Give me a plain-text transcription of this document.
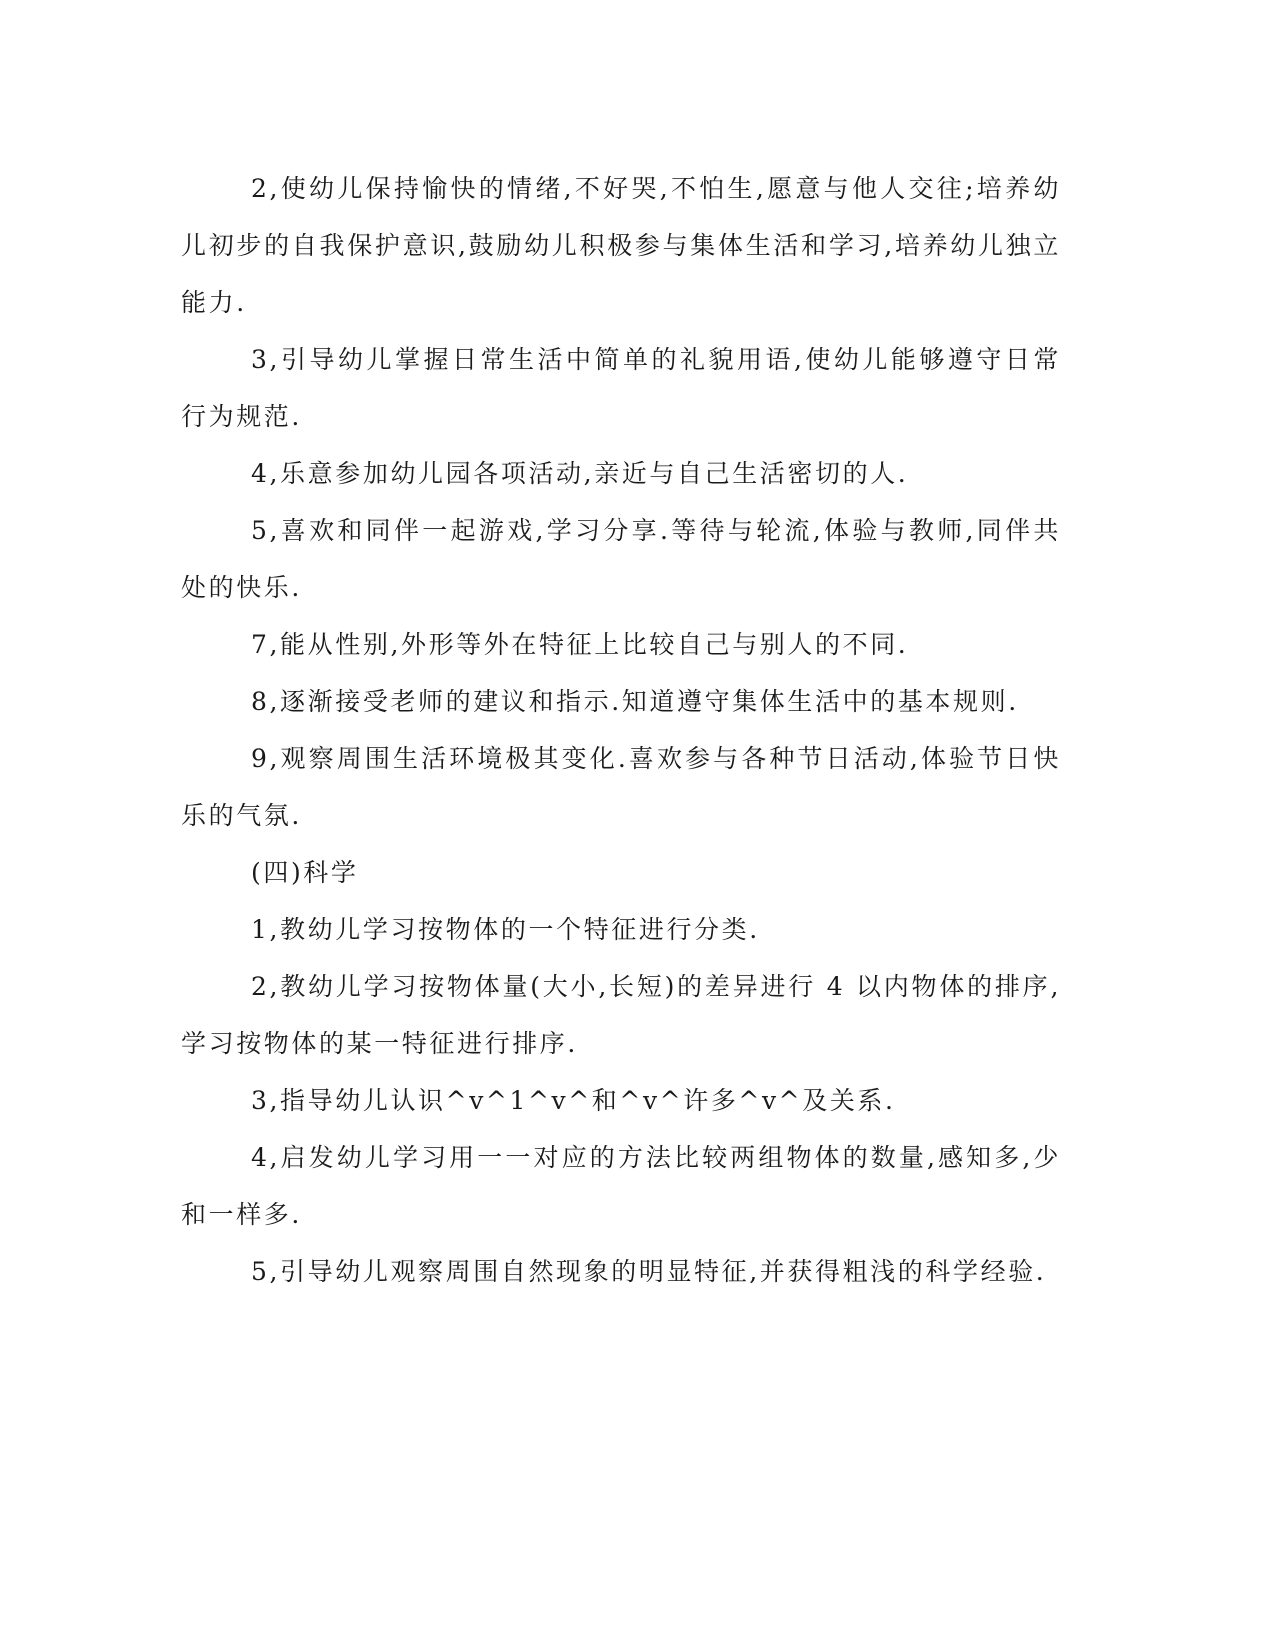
2,使幼儿保持愉快的情绪,不好哭,不怕生,愿意与他人交往;培养幼儿初步的自我保护意识,鼓励幼儿积极参与集体生活和学习,培养幼儿独立能力.

3,引导幼儿掌握日常生活中简单的礼貌用语,使幼儿能够遵守日常行为规范.

4,乐意参加幼儿园各项活动,亲近与自己生活密切的人.

5,喜欢和同伴一起游戏,学习分享.等待与轮流,体验与教师,同伴共处的快乐.

7,能从性别,外形等外在特征上比较自己与别人的不同.

8,逐渐接受老师的建议和指示.知道遵守集体生活中的基本规则.

9,观察周围生活环境极其变化.喜欢参与各种节日活动,体验节日快乐的气氛.

(四)科学

1,教幼儿学习按物体的一个特征进行分类.

2,教幼儿学习按物体量(大小,长短)的差异进行 4 以内物体的排序,学习按物体的某一特征进行排序.

3,指导幼儿认识^v^1^v^和^v^许多^v^及关系.

4,启发幼儿学习用一一对应的方法比较两组物体的数量,感知多,少和一样多.

5,引导幼儿观察周围自然现象的明显特征,并获得粗浅的科学经验.
